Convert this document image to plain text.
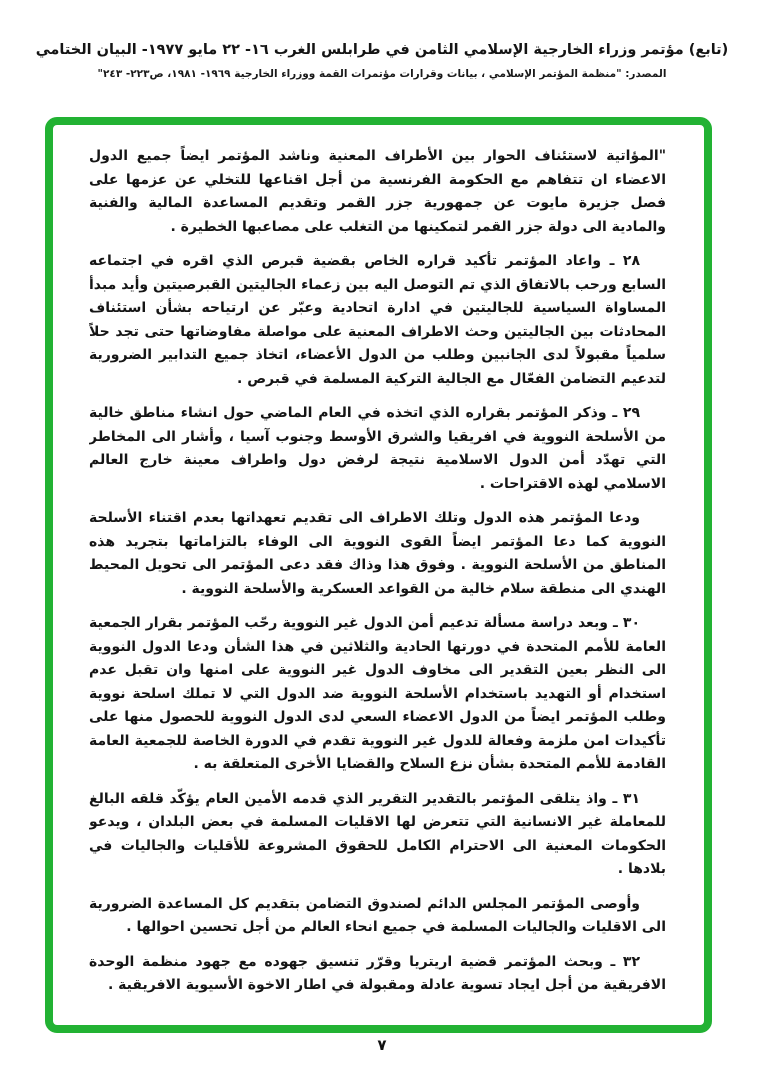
(تابع) مؤتمر وزراء الخارجية الإسلامي الثامن في طرابلس الغرب ١٦- ٢٢ مايو ١٩٧٧- البيان الختامي
المصدر: "منظمة المؤتمر الإسلامي ، بيانات وقرارات مؤتمرات القمة ووزراء الخارجية ١٩٦٩- ١٩٨١، ص٢٢٣- ٢٤٣"

"المؤاتية لاستئناف الحوار بين الأطراف المعنية وناشد المؤتمر ايضاً جميع الدول الاعضاء ان تتفاهم مع الحكومة الفرنسية من أجل اقناعها للتخلي عن عزمها على فصل جزيرة مايوت عن جمهورية جزر القمر وتقديم المساعدة المالية والفنية والمادية الى دولة جزر القمر لتمكينها من التغلب على مصاعبها الخطيرة .

٢٨ ـ واعاد المؤتمر تأكيد قراره الخاص بقضية قبرص الذي اقره في اجتماعه السابع ورحب بالاتفاق الذي تم التوصل اليه بين زعماء الجاليتين القبرصيتين وأيد مبدأ المساواة السياسية للجاليتين في ادارة اتحادية وعبّر عن ارتياحه بشأن استئناف المحادثات بين الجاليتين وحث الاطراف المعنية على مواصلة مفاوضاتها حتى تجد حلاً سلمياً مقبولاً لدى الجانبين وطلب من الدول الأعضاء، اتخاذ جميع التدابير الضرورية لتدعيم التضامن الفعّال مع الجالية التركية المسلمة في قبرص .

٢٩ ـ وذكر المؤتمر بقراره الذي اتخذه في العام الماضي حول انشاء مناطق خالية من الأسلحة النووية في افريقيا والشرق الأوسط وجنوب آسيا ، وأشار الى المخاطر التي تهدّد أمن الدول الاسلامية نتيجة لرفض دول واطراف معينة خارج العالم الاسلامي لهذه الاقتراحات .

ودعا المؤتمر هذه الدول وتلك الاطراف الى تقديم تعهداتها بعدم اقتناء الأسلحة النووية كما دعا المؤتمر ايضاً القوى النووية الى الوفاء بالتزاماتها بتجريد هذه المناطق من الأسلحة النووية . وفوق هذا وذاك فقد دعى المؤتمر الى تحويل المحيط الهندي الى منطقة سلام خالية من القواعد العسكرية والأسلحة النووية .

٣٠ ـ وبعد دراسة مسألة تدعيم أمن الدول غير النووية رحّب المؤتمر بقرار الجمعية العامة للأمم المتحدة في دورتها الحادية والثلاثين في هذا الشأن ودعا الدول النووية الى النظر بعين التقدير الى مخاوف الدول غير النووية على امنها وان تقبل عدم استخدام أو التهديد باستخدام الأسلحة النووية ضد الدول التي لا تملك اسلحة نووية وطلب المؤتمر ايضاً من الدول الاعضاء السعي لدى الدول النووية للحصول منها على تأكيدات امن ملزمة وفعالة للدول غير النووية تقدم في الدورة الخاصة للجمعية العامة القادمة للأمم المتحدة بشأن نزع السلاح والقضايا الأخرى المتعلقة به .

٣١ ـ واذ يتلقى المؤتمر بالتقدير التقرير الذي قدمه الأمين العام يؤكّد قلقه البالغ للمعاملة غير الانسانية التي تتعرض لها الاقليات المسلمة في بعض البلدان ، ويدعو الحكومات المعنية الى الاحترام الكامل للحقوق المشروعة للأقليات والجاليات في بلادها .

وأوصى المؤتمر المجلس الدائم لصندوق التضامن بتقديم كل المساعدة الضرورية الى الاقليات والجاليات المسلمة في جميع انحاء العالم من أجل تحسين احوالها .

٣٢ ـ وبحث المؤتمر قضية اريتريا وقرّر تنسيق جهوده مع جهود منظمة الوحدة الافريقية من أجل ايجاد تسوية عادلة ومقبولة في اطار الاخوة الأسيوية الافريقية .

٧
